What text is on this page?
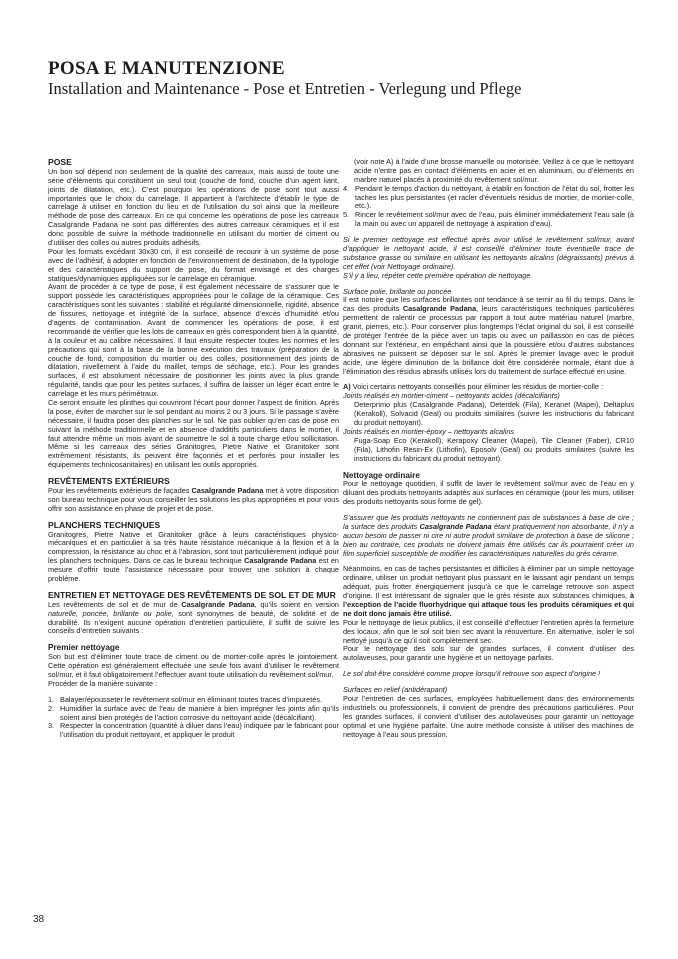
POSA E MANUTENZIONE
Installation and Maintenance - Pose et Entretien - Verlegung und Pflege
POSE

Un bon sol dépend non seulement de la qualité des carreaux, mais aussi de toute une série d’éléments qui constituent un seul tout (couche de fond, couche d’un agent liant, joints de dilatation, etc.). C’est pourquoi les opérations de pose sont tout aussi importantes que le choix du carrelage. Il appartient à l’architecte d’établir le type de carrelage à utiliser en fonction du lieu et de l’utilisation du sol ainsi que la meilleure méthode de pose des carreaux. En ce qui concerne les opérations de pose les carreaux Casalgrande Padana ne sont pas différentes des autres carreaux céramiques et il est donc possible de suivre la méthode traditionnelle en utilisant du mortier de ciment ou d’utiliser des colles ou autres produits adhésifs.

Pour les formats excédant 30x30 cm, il est conseillé de recourir à un système de pose avec de l’adhésif, à adopter en fonction de l’environnement de destination, de la typologie et des caractéristiques du support de pose, du format envisagé et des charges statiques/dynamiques appliquées sur le carrelage en céramique.

Avant de procéder à ce type de pose, il est également nécessaire de s’assurer que le support possède les caractéristiques appropriées pour le collage de la céramique. Ces caractéristiques sont les suivantes : stabilité et régularité dimensionnelle, rigidité, absence de fissures, nettoyage et intégrité de la surface, absence d’excès d’humidité et/ou d’agents de contamination. Avant de commencer les opérations de pose, il est recommandé de vérifier que les lots de carreaux en grès correspondent bien à la quantité, à la couleur et au calibre nécessaires. Il faut ensuite respecter toutes les normes et les précautions qui sont à la base de la bonne exécution des travaux (préparation de la couche de fond, composition du mortier ou des colles, positionnement des joints de dilatation, nivellement à l’aide du maillet, temps de séchage, etc.). Pour les grandes surfaces, il est absolument nécessaire de positionner les joints avec la plus grande régularité, tandis que pour les petites surfaces, il suffira de laisser un léger écart entre le carrelage et les murs périmétraux.

Ce seront ensuite les plinthes qui couvriront l’écart pour donner l’aspect de finition. Après la pose, éviter de marcher sur le sol pendant au moins 2 ou 3 jours. Si le passage s’avère nécessaire, il faudra poser des planches sur le sol. Ne pas oublier qu’en cas de pose en suivant la méthode traditionnelle et en absence d’additifs particuliers dans le mortier, il faut attendre même un mois avant de soumettre le sol à toute charge et/ou sollicitation. Même si les carreaux des séries Granitogres, Pietre Native et Granitoker sont extrêmement résistants, ils peuvent être façonnés et et perforés pour installer les équipements technicosanitaires) en utilisant les outils appropriés.

REVÊTEMENTS EXTÉRIEURS

Pour les revêtements extérieurs de façades Casalgrande Padana met à votre disposition son bureau technique pour vous conseiller les solutions les plus appropriées et pour vous offrir son assistance en phase de projet et de pose.

PLANCHERS TECHNIQUES

Granitogres, Pietre Native et Granitoker grâce à leurs caractéristiques physico- mécaniques et en particulier à sa très haute résistance mécanique à la flexion et à la compression, la résistance au choc et à l’abrasion, sont tout particulièrement indiqué pour les planchers techniques. Dans ce cas le bureau technique Casalgrande Padana est en mesure d’offrir toute l’assistance nécessaire pour trouver une solution à chaque problème.

ENTRETIEN ET NETTOYAGE DES REVÊTEMENTS DE SOL ET DE MUR

Les revêtements de sol et de mur de Casalgrande Padana, qu’ils soient en version naturelle, poncée, brillante ou polie, sont synonymes de beauté, de solidité et de durabilité. Ils n’exigent aucune opération d’entretien particulière, il suffit de suivre les conseils d’entretien suivants :

Premier nettoyage

Son but est d’éliminer toute trace de ciment ou de mortier-colle après le jointoiement. Cette opération est généralement effectuée une seule fois avant d’utiliser le revêtement sol/mur, et il faut obligatoirement l’effectuer avant toute utilisation du revêtement sol/mur.

Procéder de la manière suivante :

1. Balayer/épousseter le revêtement sol/mur en éliminant toutes traces d’impuretés.
2. Humidifier la surface avec de l’eau de manière à bien imprégner les joints afin qu’ils soient ainsi bien protégés de l’action corrosive du nettoyant acide (décalcifiant).
3. Respecter la concentration (quantité à diluer dans l’eau) indiquée par le fabricant pour l’utilisation du produit nettoyant, et appliquer le produit

(voir note A) à l’aide d’une brosse manuelle ou motorisée. Veillez à ce que le nettoyant acide n’entre pas en contact d’éléments en acier et en aluminium, ou d’éléments en marbre naturel placés à proximité du revêtement sol/mur.

4. Pendant le temps d’action du nettoyant, à établir en fonction de l’état du sol, frotter les taches les plus persistantes (et racler d’éventuels résidus de mortier, de mortier-colle, etc.).
5. Rincer le revêtement sol/mur avec de l’eau, puis éliminer immédiatement l’eau sale (à la main ou avec un appareil de nettoyage à aspiration d’eau).

Si le premier nettoyage est effectué après avoir utilisé le revêtement sol/mur, avant d’appliquer le nettoyant acide, il est conseillé d’éliminer toute éventuelle trace de substance grasse ou similaire en utilisant les nettoyants alcalins (dégraissants) prévus à cet effet (voir Nettoyage ordinaire).

S’il y a lieu, répéter cette première opération de nettoyage.

Surface polie, brillante ou poncée

Il est notoire que les surfaces brillantes ont tendance à se ternir au fil du temps. Dans le cas des produits Casalgrande Padana, leurs caractéristiques techniques particulières permettent de ralentir ce processus par rapport à tout autre matériau naturel (marbre, granit, pierres, etc.). Pour conserver plus longtemps l’éclat original du sol, il est conseillé de protéger l’entrée de la pièce avec un tapis ou avec un paillasson en cas de pièces donnant sur l’extérieur, en empêchant ainsi que la poussière et/ou d’autres substances abrasives ne puissent se déposer sur le sol. Après le premier lavage avec le produit acide, une légère diminution de la brillance doit être considérée normale, étant due à l’élimination des résidus abrasifs utilisés lors du traitement de surface effectué en usine.

A) Voici certains nettoyants conseillés pour éliminer les résidus de mortier-colle :

Joints réalisés en mortier-ciment – nettoyants acides (décalcifiants)

Deterprimo plus (Casalgrande Padana), Deterdek (Fila), Keranet (Mapei), Deltaplus (Kerakoll), Solvacid (Geal) ou produits similaires (suivre les instructions du fabricant du produit nettoyant).

Joints réalisés en mortier-époxy – nettoyants alcalins

Fuga-Soap Eco (Kerakoll), Kerapoxy Cleaner (Mapei), Tile Cleaner (Faber), CR10 (Fila), Lithofin Resin-Ex (Lithofin), Eposolv (Geal) ou produits similaires (suivre les instructions du fabricant du produit nettoyant).

Nettoyage ordinaire

Pour le nettoyage quotidien, il suffit de laver le revêtement sol/mur avec de l’eau en y diluant des produits nettoyants adaptés aux surfaces en céramique (pour les murs, utiliser des produits nettoyants sous forme de gel).

S’assurer que les produits nettoyants ne contiennent pas de substances à base de cire ; la surface des produits Casalgrande Padana étant pratiquement non absorbante, il n’y a aucun besoin de passer ni cire ni autre produit similaire de protection à base de silicone ; bien au contraire, ces produits ne doivent jamais être utilisés car ils pourraient créer un film superficiel susceptible de modifier les caractéristiques naturelles du grès cérame.

Néanmoins, en cas de taches persistantes et difficiles à éliminer par un simple nettoyage ordinaire, utiliser un produit nettoyant plus puissant en le laissant agir pendant un temps adéquat, puis frotter énergiquement jusqu’à ce que le carrelage retrouve son aspect d’origine. Il est intéressant de signaler que le grès résiste aux substances chimiques, à l’exception de l’acide fluorhydrique qui attaque tous les produits céramiques et qui ne doit donc jamais être utilisé.

Pour le nettoyage de lieux publics, il est conseillé d’effectuer l’entretien après la fermeture des locaux, afin que le sol soit bien sec avant la réouverture. En alternative, isoler le sol nettoyé jusqu’à ce qu’il soit complètement sec.

Pour le nettoyage des sols sur de grandes surfaces, il convient d’utiliser des autolaveuses, pour garantir une hygiène et un nettoyage parfaits.

Le sol doit être considéré comme propre lorsqu’il retrouve son aspect d’origine !

Surfaces en relief (antidérapant)

Pour l’entretien de ces surfaces, employées habituellement dans des environnements industriels ou professionnels, il convient de prendre des précautions particulières. Pour les grandes surfaces, il convient d’utiliser des autolaveuses pour garantir un nettoyage optimal et une hygiène parfaite. Une autre méthode consiste à utiliser des machines de nettoyage à l’eau sous pression.

38
